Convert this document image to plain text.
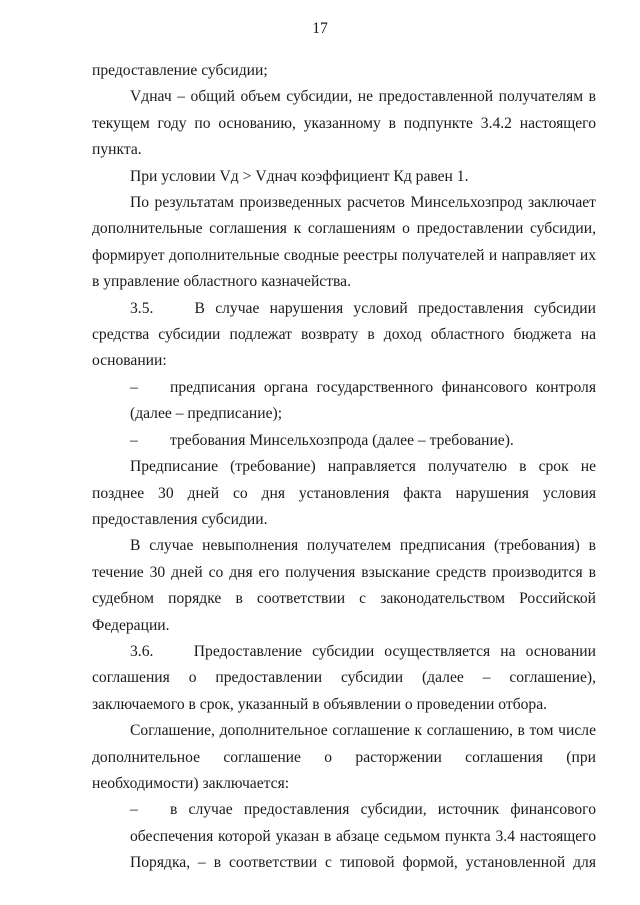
17

предоставление субсидии;

Vднач – общий объем субсидии, не предоставленной получателям в текущем году по основанию, указанному в подпункте 3.4.2 настоящего пункта.

При условии Vд > Vднач коэффициент Кд равен 1.

По результатам произведенных расчетов Минсельхозпрод заключает дополнительные соглашения к соглашениям о предоставлении субсидии, формирует дополнительные сводные реестры получателей и направляет их в управление областного казначейства.

3.5.    В случае нарушения условий предоставления субсидии средства субсидии подлежат возврату в доход областного бюджета на основании:

– предписания органа государственного финансового контроля (далее – предписание);

– требования Минсельхозпрода (далее – требование).

Предписание (требование) направляется получателю в срок не позднее 30 дней со дня установления факта нарушения условия предоставления субсидии.

В случае невыполнения получателем предписания (требования) в течение 30 дней со дня его получения взыскание средств производится в судебном порядке в соответствии с законодательством Российской Федерации.

3.6.    Предоставление субсидии осуществляется на основании соглашения о предоставлении субсидии (далее – соглашение), заключаемого в срок, указанный в объявлении о проведении отбора.

Соглашение, дополнительное соглашение к соглашению, в том числе дополнительное соглашение о расторжении соглашения (при необходимости) заключается:

– в случае предоставления субсидии, источник финансового обеспечения которой указан в абзаце седьмом пункта 3.4 настоящего Порядка, – в соответствии с типовой формой, установленной для
